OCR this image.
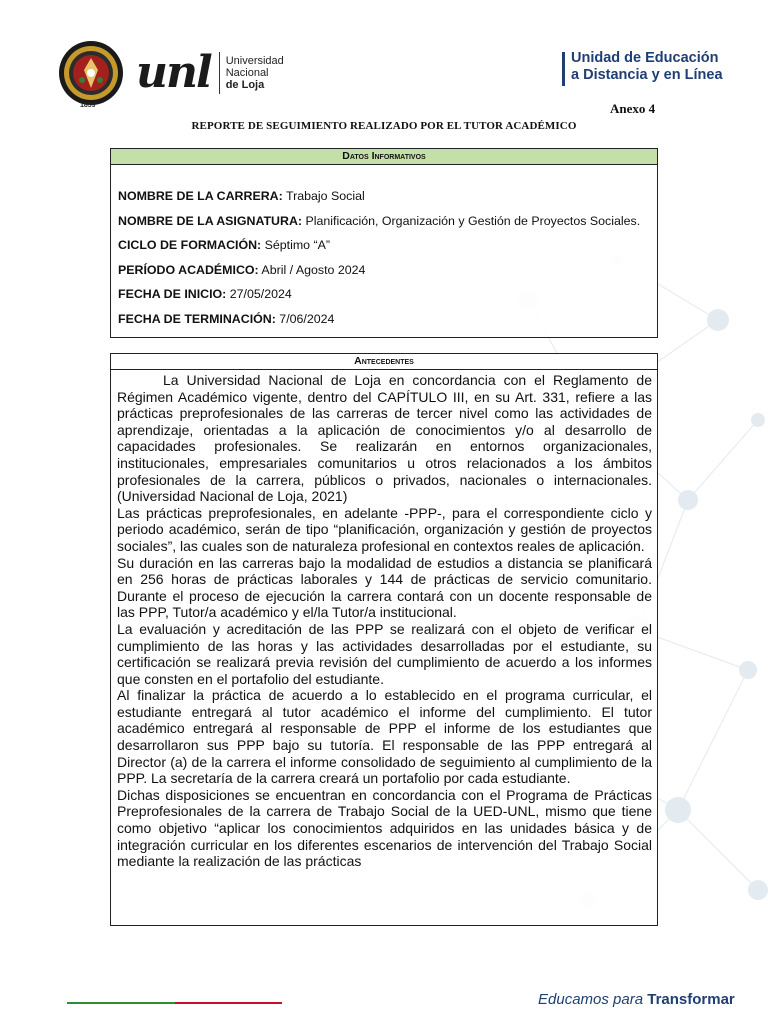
unl Universidad
Nacional
de Loja
1859
Unidad de Educación
a Distancia y en Línea
Anexo 4
REPORTE DE SEGUIMIENTO REALIZADO POR EL TUTOR ACADÉMICO
Datos Informativos
NOMBRE DE LA CARRERA: Trabajo Social
NOMBRE DE LA ASIGNATURA: Planificación, Organización y Gestión de Proyectos Sociales.
CICLO DE FORMACIÓN: Séptimo “A”
PERÍODO ACADÉMICO: Abril / Agosto 2024
FECHA DE INICIO: 27/05/2024
FECHA DE TERMINACIÓN: 7/06/2024
Antecedentes

La Universidad Nacional de Loja en concordancia con el Reglamento de Régimen Académico vigente, dentro del CAPÍTULO III, en su Art. 331, refiere a las prácticas preprofesionales de las carreras de tercer nivel como las actividades de aprendizaje, orientadas a la aplicación de conocimientos y/o al desarrollo de capacidades profesionales. Se realizarán en entornos organizacionales, institucionales, empresariales comunitarios u otros relacionados a los ámbitos profesionales de la carrera, públicos o privados, nacionales o internacionales. (Universidad Nacional de Loja, 2021)

Las prácticas preprofesionales, en adelante -PPP-, para el correspondiente ciclo y periodo académico, serán de tipo “planificación, organización y gestión de proyectos sociales”, las cuales son de naturaleza profesional en contextos reales de aplicación.

Su duración en las carreras bajo la modalidad de estudios a distancia se planificará en 256 horas de prácticas laborales y 144 de prácticas de servicio comunitario. Durante el proceso de ejecución la carrera contará con un docente responsable de las PPP, Tutor/a académico y el/la Tutor/a institucional.

La evaluación y acreditación de las PPP se realizará con el objeto de verificar el cumplimiento de las horas y las actividades desarrolladas por el estudiante, su certificación se realizará previa revisión del cumplimiento de acuerdo a los informes que consten en el portafolio del estudiante.

Al finalizar la práctica de acuerdo a lo establecido en el programa curricular, el estudiante entregará al tutor académico el informe del cumplimiento. El tutor académico entregará al responsable de PPP el informe de los estudiantes que desarrollaron sus PPP bajo su tutoría. El responsable de las PPP entregará al Director (a) de la carrera el informe consolidado de seguimiento al cumplimiento de la PPP. La secretaría de la carrera creará un portafolio por cada estudiante.

Dichas disposiciones se encuentran en concordancia con el Programa de Prácticas Preprofesionales de la carrera de Trabajo Social de la UED-UNL, mismo que tiene como objetivo “aplicar los conocimientos adquiridos en las unidades básica y de integración curricular en los diferentes escenarios de intervención del Trabajo Social mediante la realización de las prácticas

Educamos para Transformar
